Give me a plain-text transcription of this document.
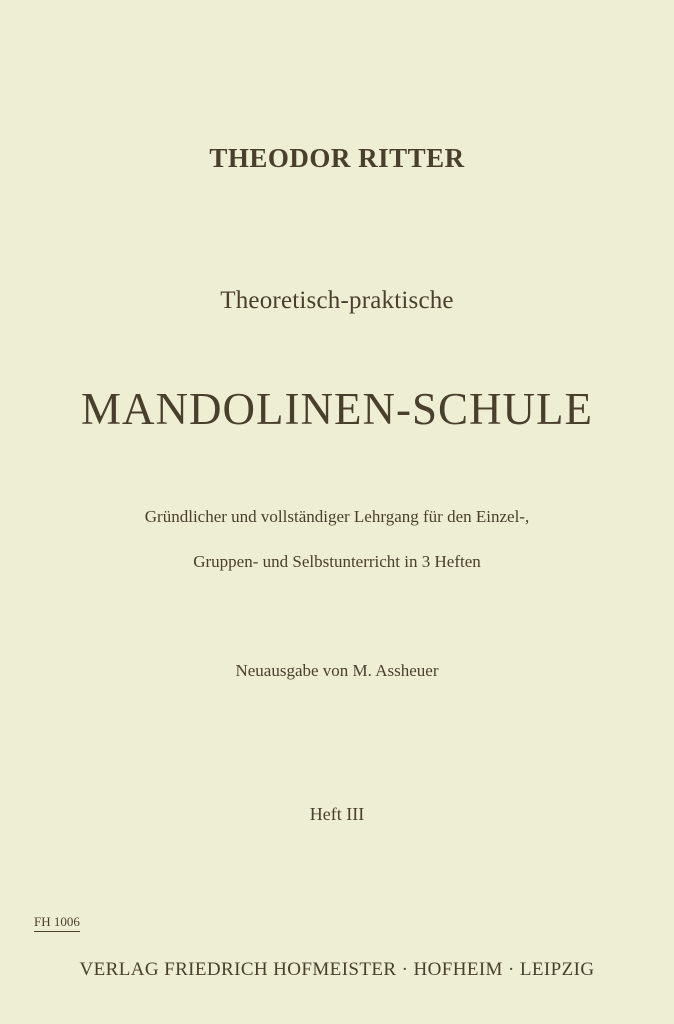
THEODOR RITTER
Theoretisch-praktische
MANDOLINEN-SCHULE
Gründlicher und vollständiger Lehrgang für den Einzel-,
Gruppen- und Selbstunterricht in 3 Heften
Neuausgabe von M. Assheuer
Heft III
FH 1006
VERLAG FRIEDRICH HOFMEISTER · HOFHEIM · LEIPZIG
